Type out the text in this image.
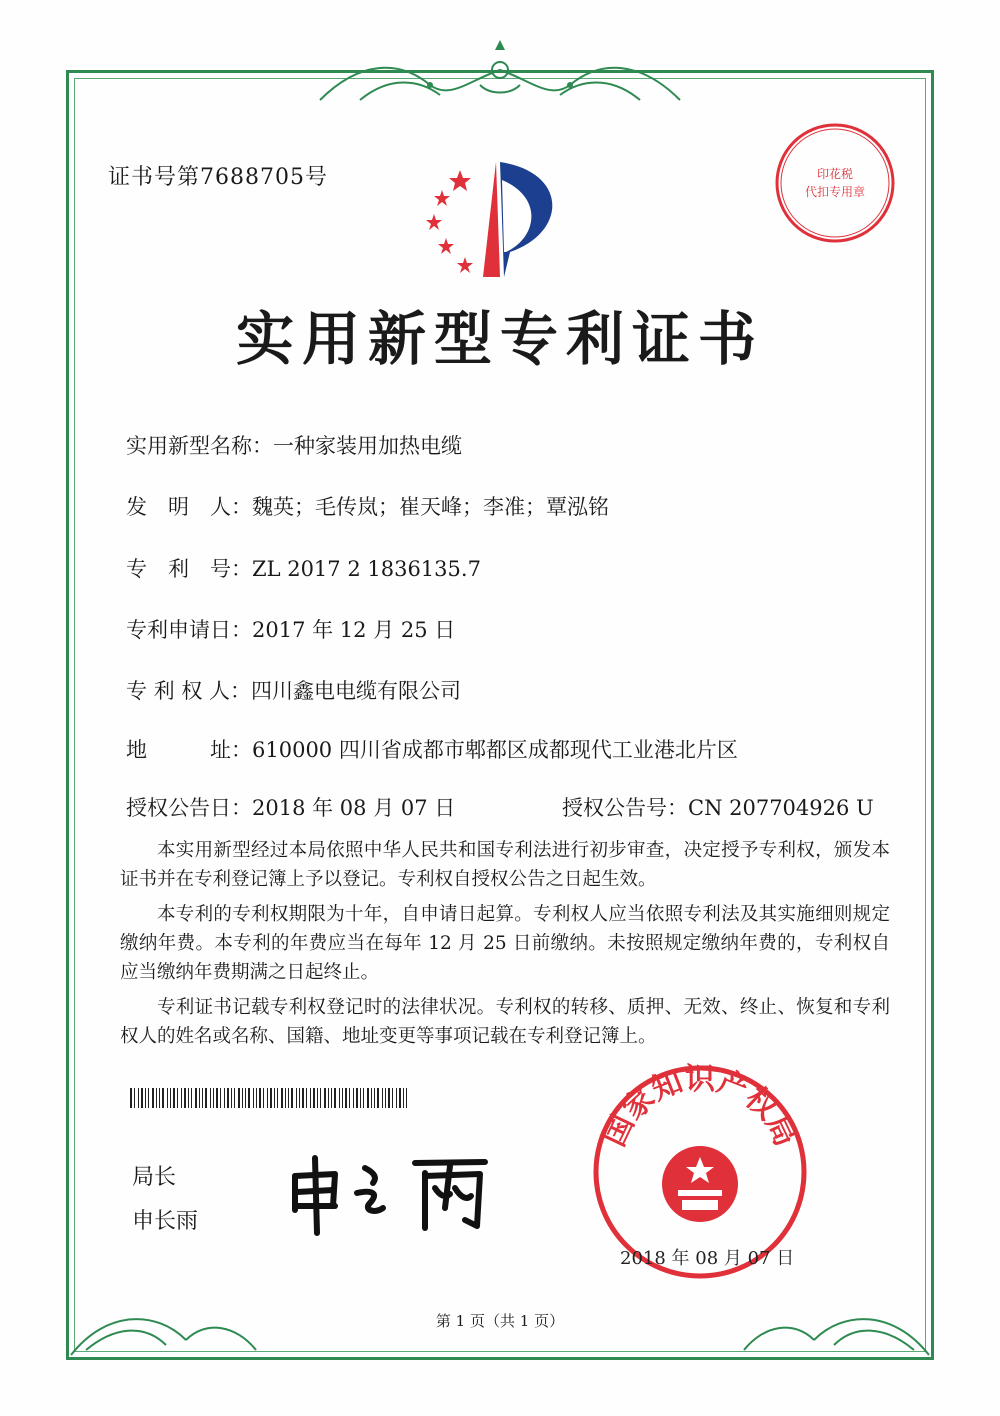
证书号第7688705号	印花税
代扣专用章
实用新型专利证书
实用新型名称：一种家装用加热电缆
发　明　人：魏英；毛传岚；崔天峰；李准；覃泓铭
专　利　号：ZL 2017 2 1836135.7
专利申请日：2017 年 12 月 25 日
专 利 权 人：四川鑫电电缆有限公司
地　　　址：610000 四川省成都市郫都区成都现代工业港北片区
授权公告日：2018 年 08 月 07 日	授权公告号：CN 207704926 U

本实用新型经过本局依照中华人民共和国专利法进行初步审查，决定授予专利权，颁发本证书并在专利登记簿上予以登记。专利权自授权公告之日起生效。

本专利的专利权期限为十年，自申请日起算。专利权人应当依照专利法及其实施细则规定缴纳年费。本专利的年费应当在每年 12 月 25 日前缴纳。未按照规定缴纳年费的，专利权自应当缴纳年费期满之日起终止。

专利证书记载专利权登记时的法律状况。专利权的转移、质押、无效、终止、恢复和专利权人的姓名或名称、国籍、地址变更等事项记载在专利登记簿上。

局长
申长雨
国家知识产权局
2018 年 08 月 07 日
第 1 页（共 1 页）
